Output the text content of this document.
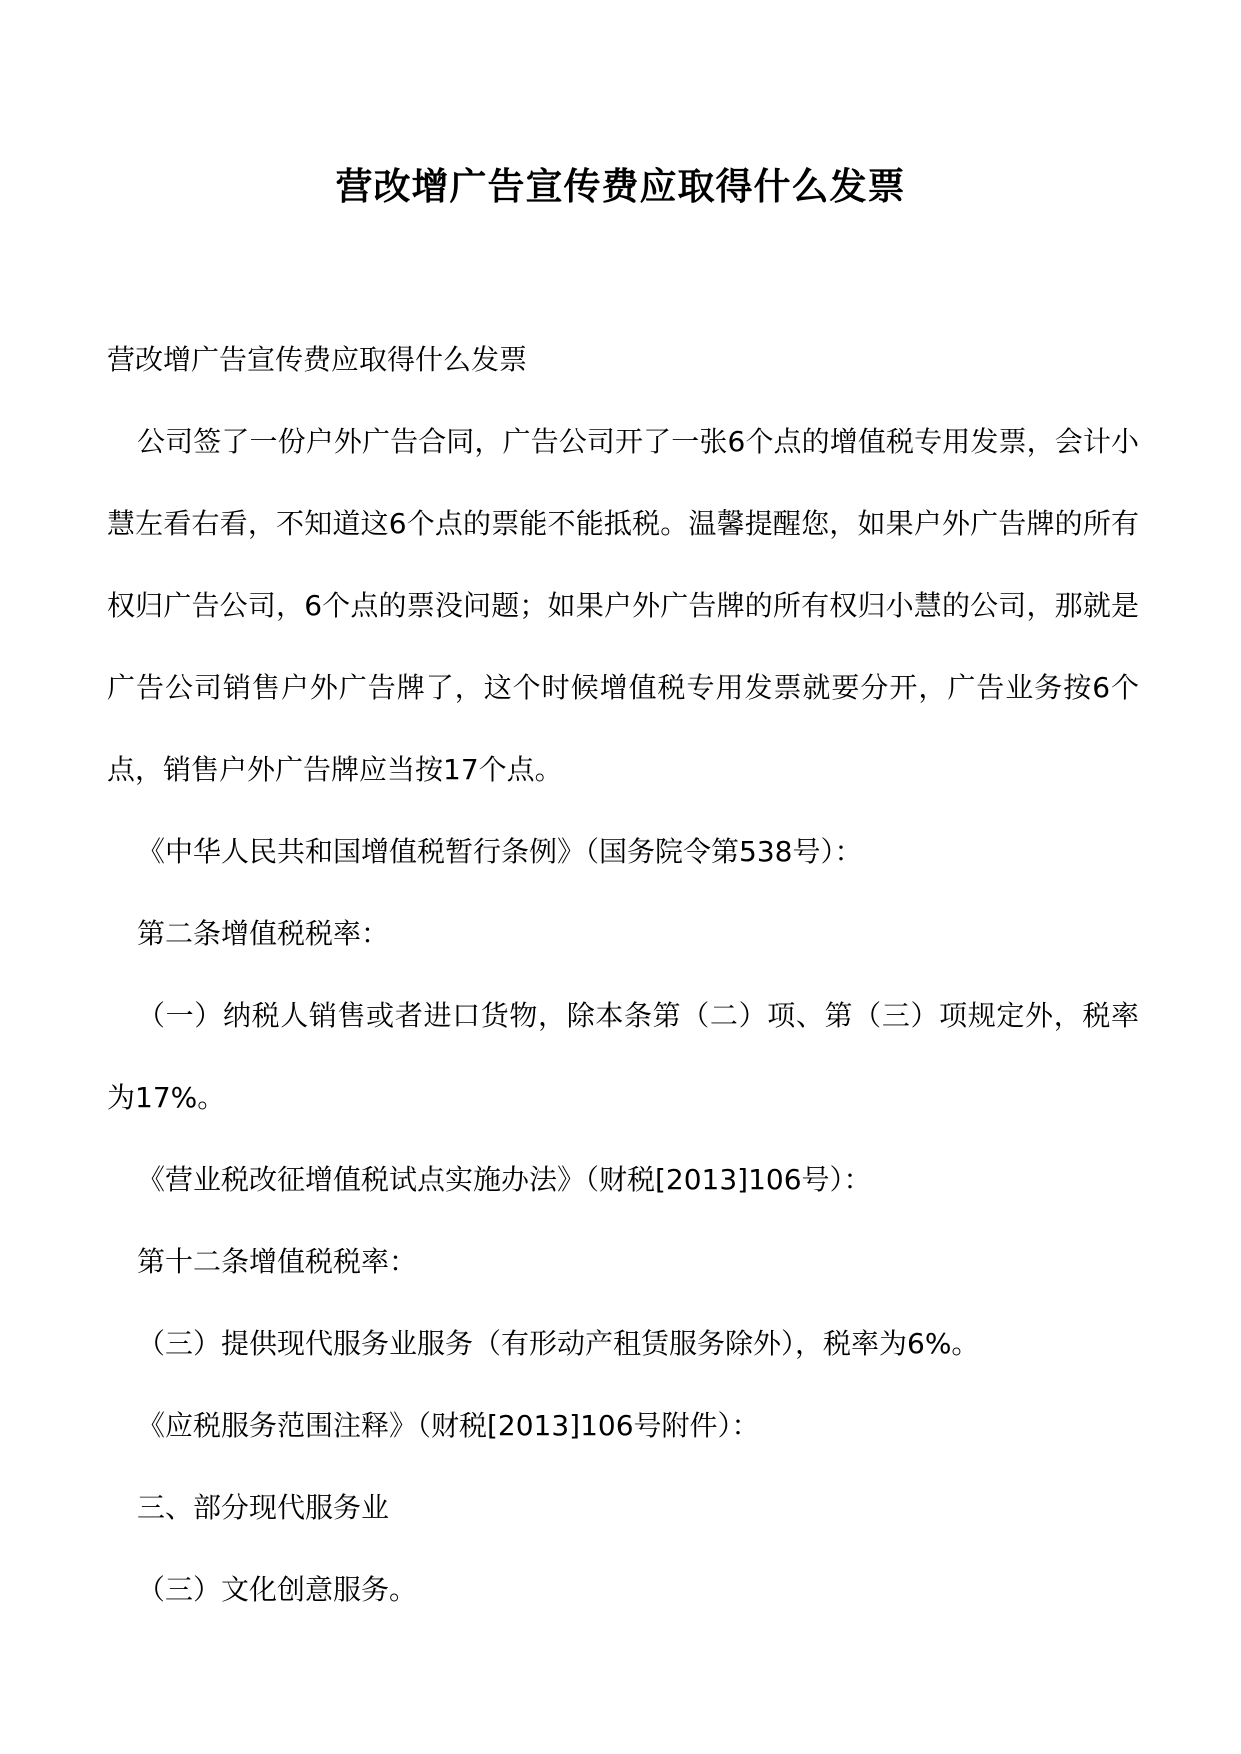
营改增广告宣传费应取得什么发票

营改增广告宣传费应取得什么发票

公司签了一份户外广告合同，广告公司开了一张6个点的增值税专用发票，会计小慧左看右看，不知道这6个点的票能不能抵税。温馨提醒您，如果户外广告牌的所有权归广告公司，6个点的票没问题；如果户外广告牌的所有权归小慧的公司，那就是广告公司销售户外广告牌了，这个时候增值税专用发票就要分开，广告业务按6个点，销售户外广告牌应当按17个点。

《中华人民共和国增值税暂行条例》（国务院令第538号）：

第二条增值税税率：

（一）纳税人销售或者进口货物，除本条第（二）项、第（三）项规定外，税率为17%。

《营业税改征增值税试点实施办法》（财税[2013]106号）：

第十二条增值税税率：

（三）提供现代服务业服务（有形动产租赁服务除外），税率为6%。

《应税服务范围注释》（财税[2013]106号附件）：

三、部分现代服务业

（三）文化创意服务。
